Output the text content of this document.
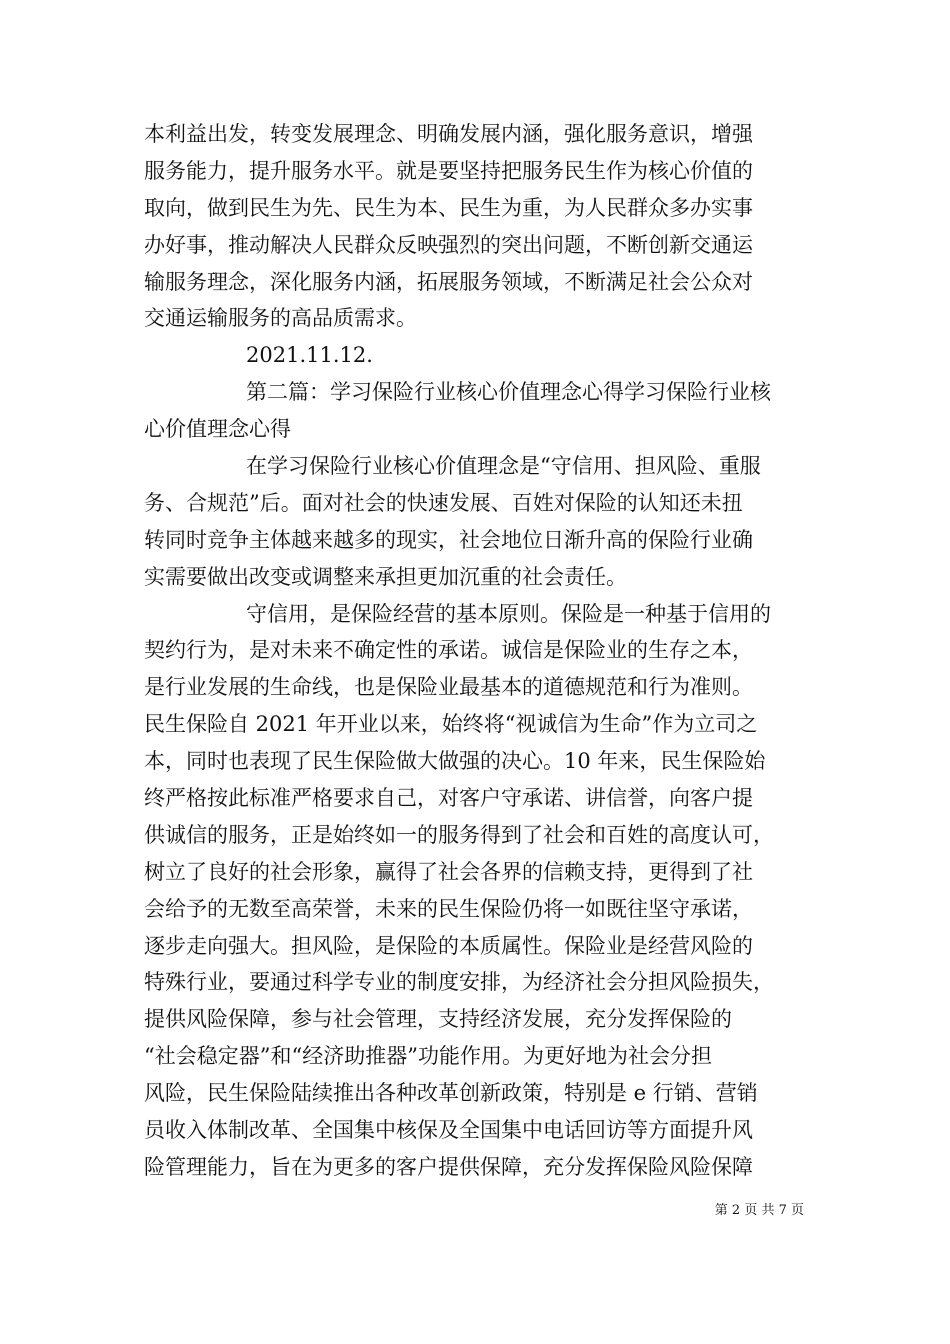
本利益出发，转变发展理念、明确发展内涵，强化服务意识，增强
服务能力，提升服务水平。就是要坚持把服务民生作为核心价值的
取向，做到民生为先、民生为本、民生为重，为人民群众多办实事
办好事，推动解决人民群众反映强烈的突出问题，不断创新交通运
输服务理念，深化服务内涵，拓展服务领域，不断满足社会公众对
交通运输服务的高品质需求。
2021.11.12.
第二篇：学习保险行业核心价值理念心得学习保险行业核
心价值理念心得
在学习保险行业核心价值理念是“守信用、担风险、重服
务、合规范”后。面对社会的快速发展、百姓对保险的认知还未扭
转同时竞争主体越来越多的现实，社会地位日渐升高的保险行业确
实需要做出改变或调整来承担更加沉重的社会责任。
守信用，是保险经营的基本原则。保险是一种基于信用的
契约行为，是对未来不确定性的承诺。诚信是保险业的生存之本，
是行业发展的生命线，也是保险业最基本的道德规范和行为准则。
民生保险自 2021 年开业以来，始终将“视诚信为生命”作为立司之
本，同时也表现了民生保险做大做强的决心。10 年来，民生保险始
终严格按此标准严格要求自己，对客户守承诺、讲信誉，向客户提
供诚信的服务，正是始终如一的服务得到了社会和百姓的高度认可，
树立了良好的社会形象，赢得了社会各界的信赖支持，更得到了社
会给予的无数至高荣誉，未来的民生保险仍将一如既往坚守承诺，
逐步走向强大。担风险，是保险的本质属性。保险业是经营风险的
特殊行业，要通过科学专业的制度安排，为经济社会分担风险损失，
提供风险保障，参与社会管理，支持经济发展，充分发挥保险的
“社会稳定器”和“经济助推器”功能作用。为更好地为社会分担
风险，民生保险陆续推出各种改革创新政策，特别是 e 行销、营销
员收入体制改革、全国集中核保及全国集中电话回访等方面提升风
险管理能力，旨在为更多的客户提供保障，充分发挥保险风险保障
第 2 页 共 7 页
